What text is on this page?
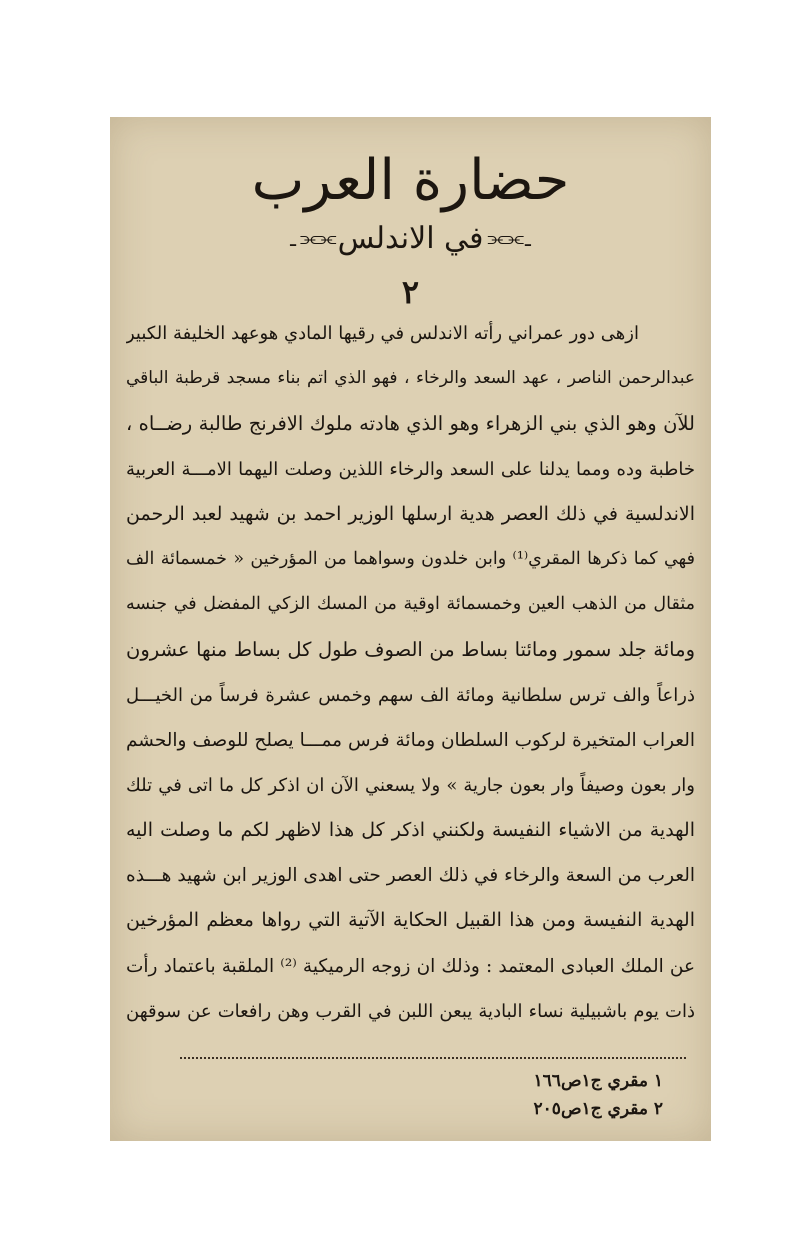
حضارة العرب
ـ
⫘⫘
في الاندلس
⫘⫘
ـ
٢
ازهى دور عمراني رأته الاندلس في رقيها المادي هوعهد الخليفة الكبير
عبدالرحمن الناصر ، عهد السعد والرخاء ، فهو الذي اتم بناء مسجد قرطبة الباقي
للآن وهو الذي بني الزهراء وهو الذي هادته ملوك الافرنج طالبة رضــاه ،
خاطبة وده ومما يدلنا على السعد والرخاء اللذين وصلت اليهما الامـــة العربية
الاندلسية في ذلك العصر هدية ارسلها الوزير احمد بن شهيد لعبد الرحمن
فهي كما ذكرها المقري⁽¹⁾ وابن خلدون وسواهما من المؤرخين « خمسمائة الف
مثقال من الذهب العين وخمسمائة اوقية من المسك الزكي المفضل في جنسه
ومائة جلد سمور ومائتا بساط من الصوف طول كل بساط منها عشرون
ذراعاً والف ترس سلطانية ومائة الف سهم وخمس عشرة فرساً من الخيـــل
العراب المتخيرة لركوب السلطان ومائة فرس ممـــا يصلح للوصف والحشم
وار بعون وصيفاً وار بعون جارية » ولا يسعني الآن ان اذكر كل ما اتى في تلك
الهدية من الاشياء النفيسة ولكنني اذكر كل هذا لاظهر لكم ما وصلت اليه
العرب من السعة والرخاء في ذلك العصر حتى اهدى الوزير ابن شهيد هـــذه
الهدية النفيسة ومن هذا القبيل الحكاية الآتية التي رواها معظم المؤرخين
عن الملك العبادى المعتمد : وذلك ان زوجه الرميكية ⁽²⁾ الملقبة باعتماد رأت
ذات يوم باشبيلية نساء البادية يبعن اللبن في القرب وهن رافعات عن سوقهن
١ مقري ج١ص١٦٦
٢ مقري ج١ص٢٠٥
